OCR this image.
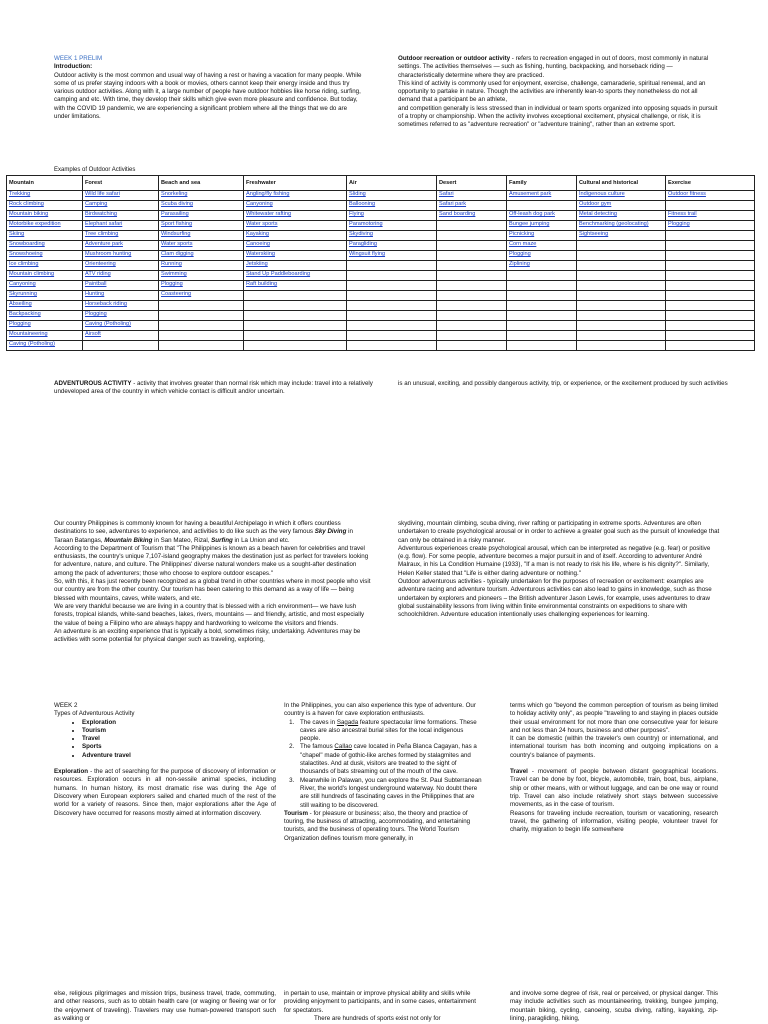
WEEK 1 PRELIM
Introduction:

Outdoor activity is the most common and usual way of having a rest or having a vacation for many people. While some of us prefer staying indoors with a book or movies, others cannot keep their energy inside and thus try various outdoor activities. Along with it, a large number of people have outdoor hobbies like horse riding, surfing, camping and etc. With time, they develop their skills which give even more pleasure and confidence. But today, with the COVID 19 pandemic, we are experiencing a significant problem where all the things that we do are under limitations.

Outdoor recreation or outdoor activity - refers to recreation engaged in out of doors, most commonly in natural settings. The activities themselves — such as fishing, hunting, backpacking, and horseback riding — characteristically determine where they are practiced.

This kind of activity is commonly used for enjoyment, exercise, challenge, camaraderie, spiritual renewal, and an opportunity to partake in nature. Though the activities are inherently lean-to sports they nonetheless do not all demand that a participant be an athlete,

and competition generally is less stressed than in individual or team sports organized into opposing squads in pursuit of a trophy or championship. When the activity involves exceptional excitement, physical challenge, or risk, it is sometimes referred to as "adventure recreation" or "adventure training", rather than an extreme sport.

Examples of Outdoor Activities
Mountain	Forest	Beach and sea	Freshwater	Air	Desert	Family	Cultural and historical	Exercise
Trekking	Wild life safari	Snorkeling	Angling/fly fishing	Sliding	Safari	Amusement park	Indigenous culture	Outdoor fitness
Rock climbing	Camping	Scuba diving	Canyoning	Ballooning	Safari park		Outdoor gym	
Mountain biking	Birdwatching	Parasailing	Whitewater rafting	Flying	Sand boarding	Off-leash dog park	Metal detecting	Fitness trail
Motorbike expedition	Elephant safari	Sport fishing	Water sports	Paramotoring		Bungee jumping	Benchmarking (geolocating)	Plogging
Skiing	Tree climbing	Windsurfing	Kayaking	Skydiving		Picnicking	Sightseeing	
Snowboarding	Adventure park	Water sports	Canoeing	Paragliding		Corn maze		
Snowshoeing	Mushroom hunting	Clam digging	Waterskiing	Wingsuit flying		Plogging		
Ice climbing	Orienteering	Running	Jetskiing			Ziplining		
Mountain climbing	ATV riding	Swimming	Stand Up Paddleboarding					
Canyoning	Paintball	Plogging	Raft building					
Skyrunning	Hunting	Coasteering						
Abseiling	Horseback riding							
Backpacking	Plogging							
Plogging	Caving (Potholing)							
Mountaineering	Airsoft							
Caving (Potholing)								

ADVENTUROUS ACTIVITY - activity that involves greater than normal risk which may include: travel into a relatively undeveloped area of the country in which vehicle contact is difficult and/or uncertain.

is an unusual, exciting, and possibly dangerous activity, trip, or experience, or the excitement produced by such activities

Our country Philippines is commonly known for having a beautiful Archipelago in which it offers countless destinations to see, adventures to experience, and activities to do like such as the very famous Sky Diving in Taraan Batangas, Mountain Biking in San Mateo, Rizal, Surfing in La Union and etc.

According to the Department of Tourism that "The Philippines is known as a beach haven for celebrities and travel enthusiasts, the country's unique 7,107-island geography makes the destination just as perfect for travelers looking for adventure, nature, and culture. The Philippines' diverse natural wonders make us a sought-after destination among the pack of adventurers; those who choose to explore outdoor escapes."

So, with this, it has just recently been recognized as a global trend in other countries where in most people who visit our country are from the other country. Our tourism has been catering to this demand as a way of life — being blessed with mountains, caves, white waters, and etc.

We are very thankful because we are living in a country that is blessed with a rich environment— we have lush forests, tropical islands, white-sand beaches, lakes, rivers, mountains — and friendly, artistic, and most especially the value of being a Filipino who are always happy and hardworking to welcome the visitors and friends.

An adventure is an exciting experience that is typically a bold, sometimes risky, undertaking. Adventures may be activities with some potential for physical danger such as traveling, exploring,

skydiving, mountain climbing, scuba diving, river rafting or participating in extreme sports. Adventures are often undertaken to create psychological arousal or in order to achieve a greater goal such as the pursuit of knowledge that can only be obtained in a risky manner.

Adventurous experiences create psychological arousal, which can be interpreted as negative (e.g. fear) or positive (e.g. flow). For some people, adventure becomes a major pursuit in and of itself. According to adventurer André Malraux, in his La Condition Humaine (1933), "If a man is not ready to risk his life, where is his dignity?". Similarly, Helen Keller stated that "Life is either daring adventure or nothing."

Outdoor adventurous activities - typically undertaken for the purposes of recreation or excitement: examples are adventure racing and adventure tourism. Adventurous activities can also lead to gains in knowledge, such as those undertaken by explorers and pioneers – the British adventurer Jason Lewis, for example, uses adventures to draw global sustainability lessons from living within finite environmental constraints on expeditions to share with schoolchildren. Adventure education intentionally uses challenging experiences for learning.

WEEK 2
Types of Adventurous Activity
• Exploration
• Tourism
• Travel
• Sports
• Adventure travel

Exploration - the act of searching for the purpose of discovery of information or resources. Exploration occurs in all non-sessile animal species, including humans. In human history, its most dramatic rise was during the Age of Discovery when European explorers sailed and charted much of the rest of the world for a variety of reasons. Since then, major explorations after the Age of Discovery have occurred for reasons mostly aimed at information discovery.

In the Philippines, you can also experience this type of adventure. Our country is a haven for cave exploration enthusiasts.

1. The caves in Sagada feature spectacular lime formations. These caves are also ancestral burial sites for the local indigenous people.
2. The famous Callao cave located in Peña Blanca Cagayan, has a "chapel" made of gothic-like arches formed by stalagmites and stalactites. And at dusk, visitors are treated to the sight of thousands of bats streaming out of the mouth of the cave.
3. Meanwhile in Palawan, you can explore the St. Paul Subterranean River, the world's longest underground waterway. No doubt there are still hundreds of fascinating caves in the Philippines that are still waiting to be discovered.

Tourism - for pleasure or business; also, the theory and practice of touring, the business of attracting, accommodating, and entertaining tourists, and the business of operating tours. The World Tourism Organization defines tourism more generally, in

terms which go "beyond the common perception of tourism as being limited to holiday activity only", as people "traveling to and staying in places outside their usual environment for not more than one consecutive year for leisure and not less than 24 hours, business and other purposes".

It can be domestic (within the traveler's own country) or international, and international tourism has both incoming and outgoing implications on a country's balance of payments.

Travel - movement of people between distant geographical locations. Travel can be done by foot, bicycle, automobile, train, boat, bus, airplane, ship or other means, with or without luggage, and can be one way or round trip. Travel can also include relatively short stays between successive movements, as in the case of tourism.

Reasons for traveling include recreation, tourism or vacationing, research travel, the gathering of information, visiting people, volunteer travel for charity, migration to begin life somewhere

else, religious pilgrimages and mission trips, business travel, trade, commuting, and other reasons, such as to obtain health care (or waging or fleeing war or for the enjoyment of traveling). Travelers may use human-powered transport such as walking or

in pertain to use, maintain or improve physical ability and skills while providing enjoyment to participants, and in some cases, entertainment for spectators.

There are hundreds of sports exist not only for

and involve some degree of risk, real or perceived, or physical danger. This may include activities such as mountaineering, trekking, bungee jumping, mountain biking, cycling, canoeing, scuba diving, rafting, kayaking, zip-lining, paragliding, hiking,
